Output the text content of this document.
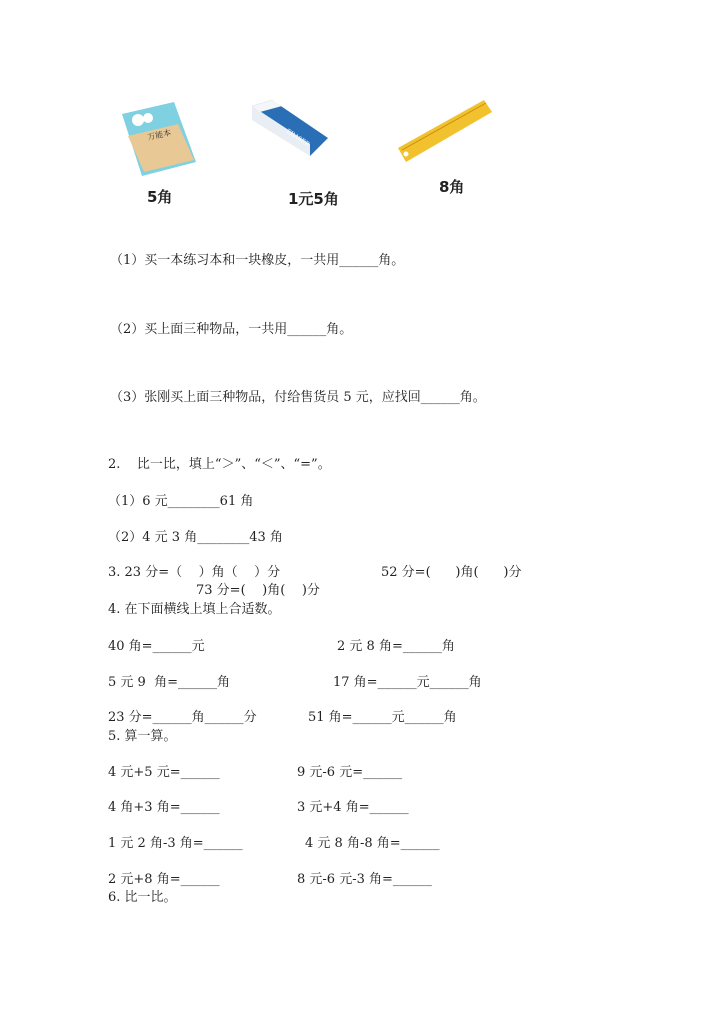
万能本
5角
ERASER
1元5角
8角
（1）买一本练习本和一块橡皮，一共用______角。
（2）买上面三种物品，一共用______角。
（3）张刚买上面三种物品，付给售货员 5 元，应找回______角。
2.    比一比，填上“＞”、“＜”、“=”。
（1）6 元________61 角
（2）4 元 3 角________43 角
3. 23 分=（    ）角（    ）分	52 分=(      )角(      )分
73 分=(    )角(    )分
4. 在下面横线上填上合适数。
40 角=______元	2 元 8 角=______角
5 元 9  角=______角	17 角=______元______角
23 分=______角______分	51 角=______元______角
5. 算一算。
4 元+5 元=______	9 元-6 元=______
4 角+3 角=______	3 元+4 角=______
1 元 2 角-3 角=______	4 元 8 角-8 角=______
2 元+8 角=______	8 元-6 元-3 角=______
6. 比一比。
